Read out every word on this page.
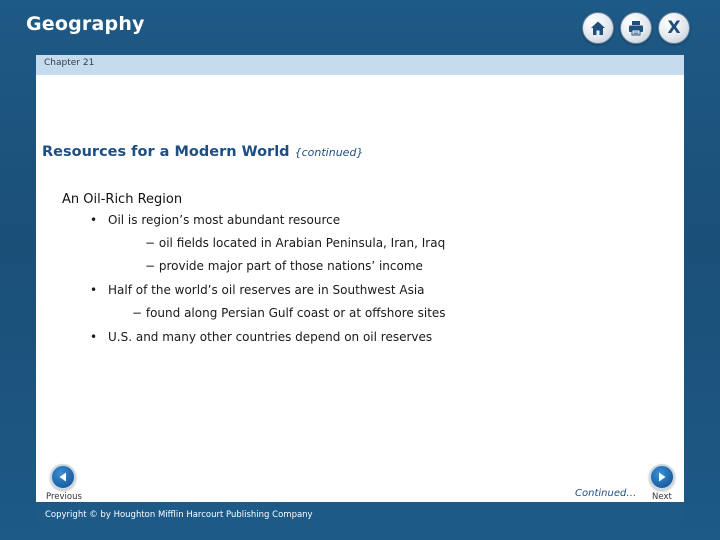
Geography	X
Chapter 21
Resources for a Modern World {continued}
An Oil-Rich Region
• Oil is region’s most abundant resource
− oil fields located in Arabian Peninsula, Iran, Iraq
− provide major part of those nations’ income
• Half of the world’s oil reserves are in Southwest Asia
− found along Persian Gulf coast or at offshore sites
• U.S. and many other countries depend on oil reserves
Previous	Continued… Next
Copyright © by Houghton Mifflin Harcourt Publishing Company
